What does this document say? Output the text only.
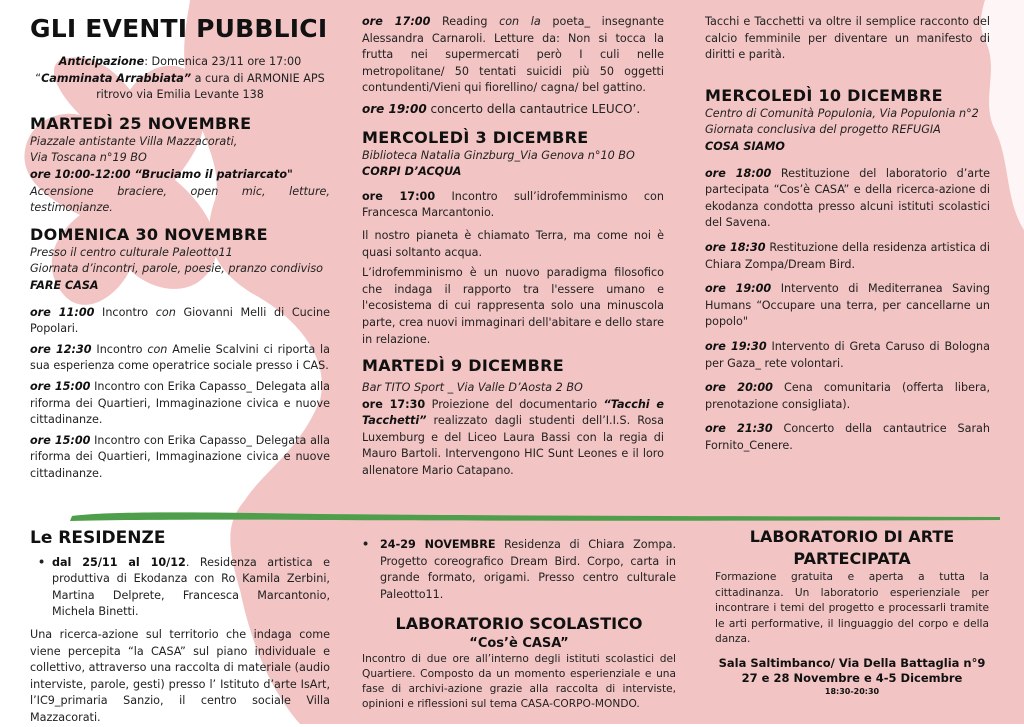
GLI EVENTI PUBBLICI

Anticipazione: Domenica 23/11 ore 17:00
“Camminata Arrabbiata” a cura di ARMONIE APS ritrovo via Emilia Levante 138

MARTEDÌ 25 NOVEMBRE

Piazzale antistante Villa Mazzacorati,

Via Toscana n°19 BO

ore 10:00-12:00 “Bruciamo il patriarcato"

Accensione braciere, open mic, letture, testimonianze.

DOMENICA 30 NOVEMBRE

Presso il centro culturale Paleotto11

Giornata d’incontri, parole, poesie, pranzo condiviso

FARE CASA

ore 11:00 Incontro con Giovanni Melli di Cucine Popolari.

ore 12:30 Incontro con Amelie Scalvini ci riporta la sua esperienza come operatrice sociale presso i CAS.

ore 15:00 Incontro con Erika Capasso_ Delegata alla riforma dei Quartieri, Immaginazione civica e nuove cittadinanze.

ore 15:00 Incontro con Erika Capasso_ Delegata alla riforma dei Quartieri, Immaginazione civica e nuove cittadinanze.

ore 17:00 Reading con la poeta_ insegnante Alessandra Carnaroli. Letture da: Non si tocca la frutta nei supermercati però I culi nelle metropolitane/ 50 tentati suicidi più 50 oggetti contundenti/Vieni qui fiorellino/ cagna/ bel gattino.

ore 19:00 concerto della cantautrice LEUCO’.

MERCOLEDÌ 3 DICEMBRE

Biblioteca Natalia Ginzburg_Via Genova n°10 BO

CORPI D’ACQUA

ore 17:00 Incontro sull’idrofemminismo con Francesca Marcantonio.

Il nostro pianeta è chiamato Terra, ma come noi è quasi soltanto acqua.

L’idrofemminismo è un nuovo paradigma filosofico che indaga il rapporto tra l'essere umano e l'ecosistema di cui rappresenta solo una minuscola parte, crea nuovi immaginari dell'abitare e dello stare in relazione.

MARTEDÌ 9 DICEMBRE

Bar TITO Sport _ Via Valle D’Aosta 2 BO

ore 17:30 Proiezione del documentario “Tacchi e Tacchetti” realizzato dagli studenti dell’I.I.S. Rosa Luxemburg e del Liceo Laura Bassi con la regia di Mauro Bartoli. Intervengono HIC Sunt Leones e il loro allenatore Mario Catapano.

Tacchi e Tacchetti va oltre il semplice racconto del calcio femminile per diventare un manifesto di diritti e parità.

MERCOLEDÌ 10 DICEMBRE

Centro di Comunità Populonia, Via Populonia n°2

Giornata conclusiva del progetto REFUGIA

COSA SIAMO

ore 18:00 Restituzione del laboratorio d’arte partecipata “Cos’è CASA” e della ricerca-azione di ekodanza condotta presso alcuni istituti scolastici del Savena.

ore 18:30 Restituzione della residenza artistica di Chiara Zompa/Dream Bird.

ore 19:00 Intervento di Mediterranea Saving Humans “Occupare una terra, per cancellarne un popolo"

ore 19:30 Intervento di Greta Caruso di Bologna per Gaza_ rete volontari.

ore 20:00 Cena comunitaria (offerta libera, prenotazione consigliata).

ore 21:30 Concerto della cantautrice Sarah Fornito_Cenere.

Le RESIDENZE

• dal 25/11 al 10/12. Residenza artistica e produttiva di Ekodanza con Ro Kamila Zerbini, Martina Delprete, Francesca Marcantonio, Michela Binetti.

Una ricerca-azione sul territorio che indaga come viene percepita “la CASA” sul piano individuale e collettivo, attraverso una raccolta di materiale (audio interviste, parole, gesti) presso l’ Istituto d’arte IsArt, l’IC9_primaria Sanzio, il centro sociale Villa Mazzacorati.

• 24-29 NOVEMBRE Residenza di Chiara Zompa. Progetto coreografico Dream Bird. Corpo, carta in grande formato, origami. Presso centro culturale Paleotto11.

LABORATORIO SCOLASTICO

“Cos’è CASA”

Incontro di due ore all’interno degli istituti scolastici del Quartiere. Composto da un momento esperienziale e una fase di archivi-azione grazie alla raccolta di interviste, opinioni e riflessioni sul tema CASA-CORPO-MONDO.

LABORATORIO DI ARTE PARTECIPATA

Formazione gratuita e aperta a tutta la cittadinanza. Un laboratorio esperienziale per incontrare i temi del progetto e processarli tramite le arti performative, il linguaggio del corpo e della danza.

Sala Saltimbanco/ Via Della Battaglia n°9

27 e 28 Novembre e 4-5 Dicembre

18:30-20:30
